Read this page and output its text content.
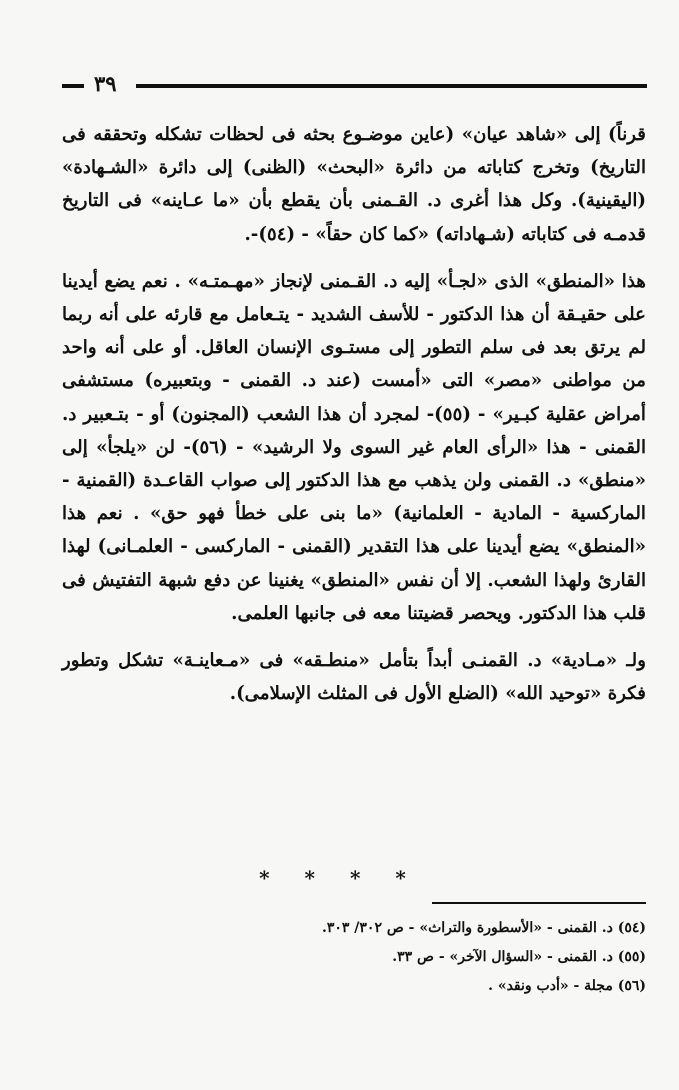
٣٩

قرناً) إلى «شاهد عيان» (عاين موضـوع بحثه فى لحظات تشكله وتحققه فى التاريخ) وتخرج كتاباته من دائرة «البحث» (الظنى) إلى دائرة «الشـهادة» (اليقينية). وكل هذا أغرى د. القـمنى بأن يقطع بأن «ما عـاينه» فى التاريخ قدمـه فى كتاباته (شـهاداته) «كما كان حقاً» - (٥٤)-.

هذا «المنطق» الذى «لجـأ» إليه د. القـمنى لإنجاز «مهـمتـه» . نعم يضع أيدينا على حقيـقة أن هذا الدكتور - للأسف الشديد - يتـعامل مع قارئه على أنه ربما لم يرتق بعد فى سلم التطور إلى مستـوى الإنسان العاقل. أو على أنه واحد من مواطنى «مصر» التى «أمست (عند د. القمنى - وبتعبيره) مستشفى أمراض عقلية كبـير» - (٥٥)- لمجرد أن هذا الشعب (المجنون) أو - بتـعبير د. القمنى - هذا «الرأى العام غير السوى ولا الرشيد» - (٥٦)- لن «يلجأ» إلى «منطق» د. القمنى ولن يذهب مع هذا الدكتور إلى صواب القاعـدة (القمنية - الماركسية - المادية - العلمانية) «ما بنى على خطأ فهو حق» . نعم هذا «المنطق» يضع أيدينا على هذا التقدير (القمنى - الماركسى - العلمـانى) لهذا القارئ ولهذا الشعب. إلا أن نفس «المنطق» يغنينا عن دفع شبهة التفتيش فى قلب هذا الدكتور. ويحصر قضيتنا معه فى جانبها العلمى.

ولـ «مـادية» د. القمنـى أبداً بتأمل «منطـقه» فى «مـعاينـة» تشكل وتطور فكرة «توحيد الله» (الضلع الأول فى المثلث الإسلامى).

* * * *
(٥٤) د. القمنى - «الأسطورة والتراث» - ص ٣٠٢/ ٣٠٣.
(٥٥) د. القمنى - «السؤال الآخر» - ص ٣٣.
(٥٦) مجلة - «أدب ونقد» .
